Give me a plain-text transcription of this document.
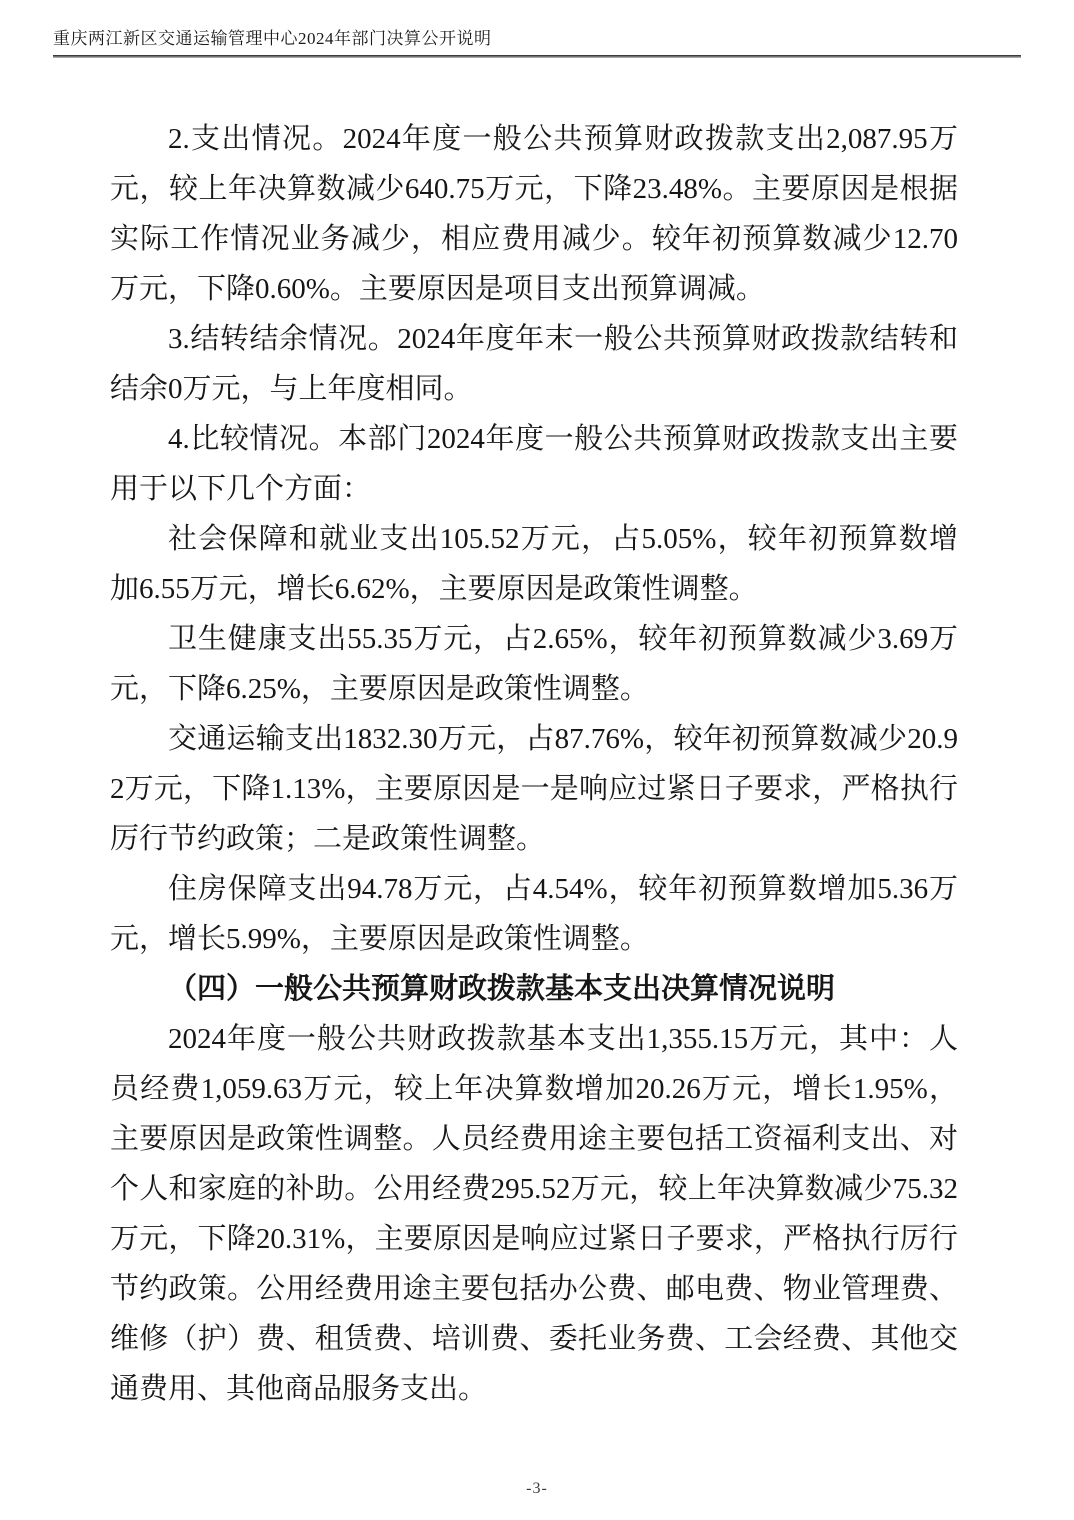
重庆两江新区交通运输管理中心2024年部门决算公开说明

2.支出情况。2024年度一般公共预算财政拨款支出2,087.95万元，较上年决算数减少640.75万元，下降23.48%。主要原因是根据实际工作情况业务减少，相应费用减少。较年初预算数减少12.70万元，下降0.60%。主要原因是项目支出预算调减。

3.结转结余情况。2024年度年末一般公共预算财政拨款结转和结余0万元，与上年度相同。

4.比较情况。本部门2024年度一般公共预算财政拨款支出主要用于以下几个方面：

社会保障和就业支出105.52万元，占5.05%，较年初预算数增加6.55万元，增长6.62%，主要原因是政策性调整。

卫生健康支出55.35万元，占2.65%，较年初预算数减少3.69万元，下降6.25%，主要原因是政策性调整。

交通运输支出1832.30万元，占87.76%，较年初预算数减少20.92万元，下降1.13%，主要原因是一是响应过紧日子要求，严格执行厉行节约政策；二是政策性调整。

住房保障支出94.78万元，占4.54%，较年初预算数增加5.36万元，增长5.99%，主要原因是政策性调整。

（四）一般公共预算财政拨款基本支出决算情况说明

2024年度一般公共财政拨款基本支出1,355.15万元，其中：人员经费1,059.63万元，较上年决算数增加20.26万元，增长1.95%，主要原因是政策性调整。人员经费用途主要包括工资福利支出、对个人和家庭的补助。公用经费295.52万元，较上年决算数减少75.32万元，下降20.31%，主要原因是响应过紧日子要求，严格执行厉行节约政策。公用经费用途主要包括办公费、邮电费、物业管理费、维修（护）费、租赁费、培训费、委托业务费、工会经费、其他交通费用、其他商品服务支出。

-3-
